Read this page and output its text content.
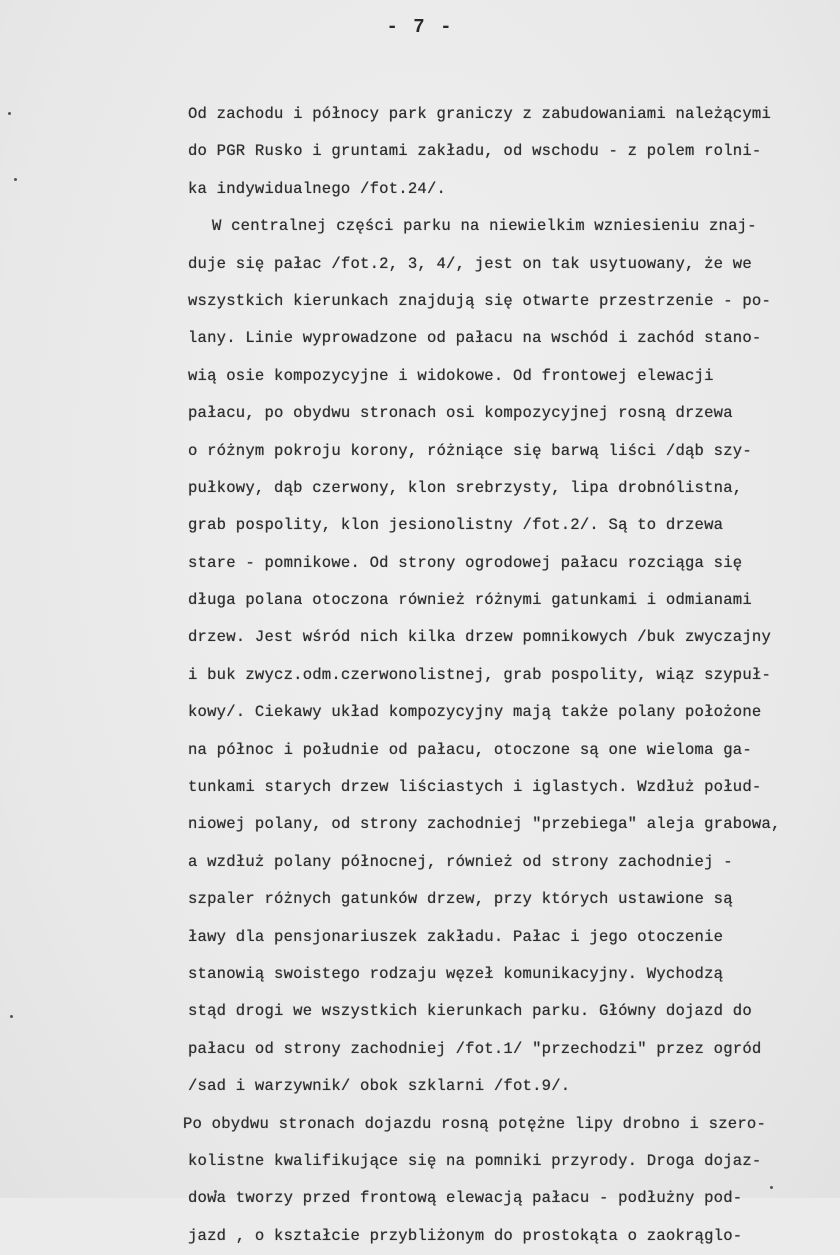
- 7 -
Od zachodu i północy park graniczy z zabudowaniami należącymi
do PGR Rusko i gruntami zakładu, od wschodu - z polem rolni-
ka indywidualnego /fot.24/.
W centralnej części parku na niewielkim wzniesieniu znaj-
duje się pałac /fot.2, 3, 4/, jest on tak usytuowany, że we
wszystkich kierunkach znajdują się otwarte przestrzenie - po-
lany. Linie wyprowadzone od pałacu na wschód i zachód stano-
wią osie kompozycyjne i widokowe. Od frontowej elewacji
pałacu, po obydwu stronach osi kompozycyjnej rosną drzewa
o różnym pokroju korony, różniące się barwą liści /dąb szy-
pułkowy, dąb czerwony, klon srebrzysty, lipa drobnólistna,
grab pospolity, klon jesionolistny /fot.2/. Są to drzewa
stare - pomnikowe. Od strony ogrodowej pałacu rozciąga się
długa polana otoczona również różnymi gatunkami i odmianami
drzew. Jest wśród nich kilka drzew pomnikowych /buk zwyczajny
i buk zwycz.odm.czerwonolistnej, grab pospolity, wiąz szypuł-
kowy/. Ciekawy układ kompozycyjny mają także polany położone
na północ i południe od pałacu, otoczone są one wieloma ga-
tunkami starych drzew liściastych i iglastych. Wzdłuż połud-
niowej polany, od strony zachodniej "przebiega" aleja grabowa,
a wzdłuż polany północnej, również od strony zachodniej -
szpaler różnych gatunków drzew, przy których ustawione są
ławy dla pensjonariuszek zakładu. Pałac i jego otoczenie
stanowią swoistego rodzaju węzeł komunikacyjny. Wychodzą
stąd drogi we wszystkich kierunkach parku. Główny dojazd do
pałacu od strony zachodniej /fot.1/ "przechodzi" przez ogród
/sad i warzywnik/ obok szklarni /fot.9/.
Po obydwu stronach dojazdu rosną potężne lipy drobno i szero-
kolistne kwalifikujące się na pomniki przyrody. Droga dojaz-
dowa tworzy przed frontową elewacją pałacu - podłużny pod-
jazd , o kształcie przybliżonym do prostokąta o zaokrąglo-
